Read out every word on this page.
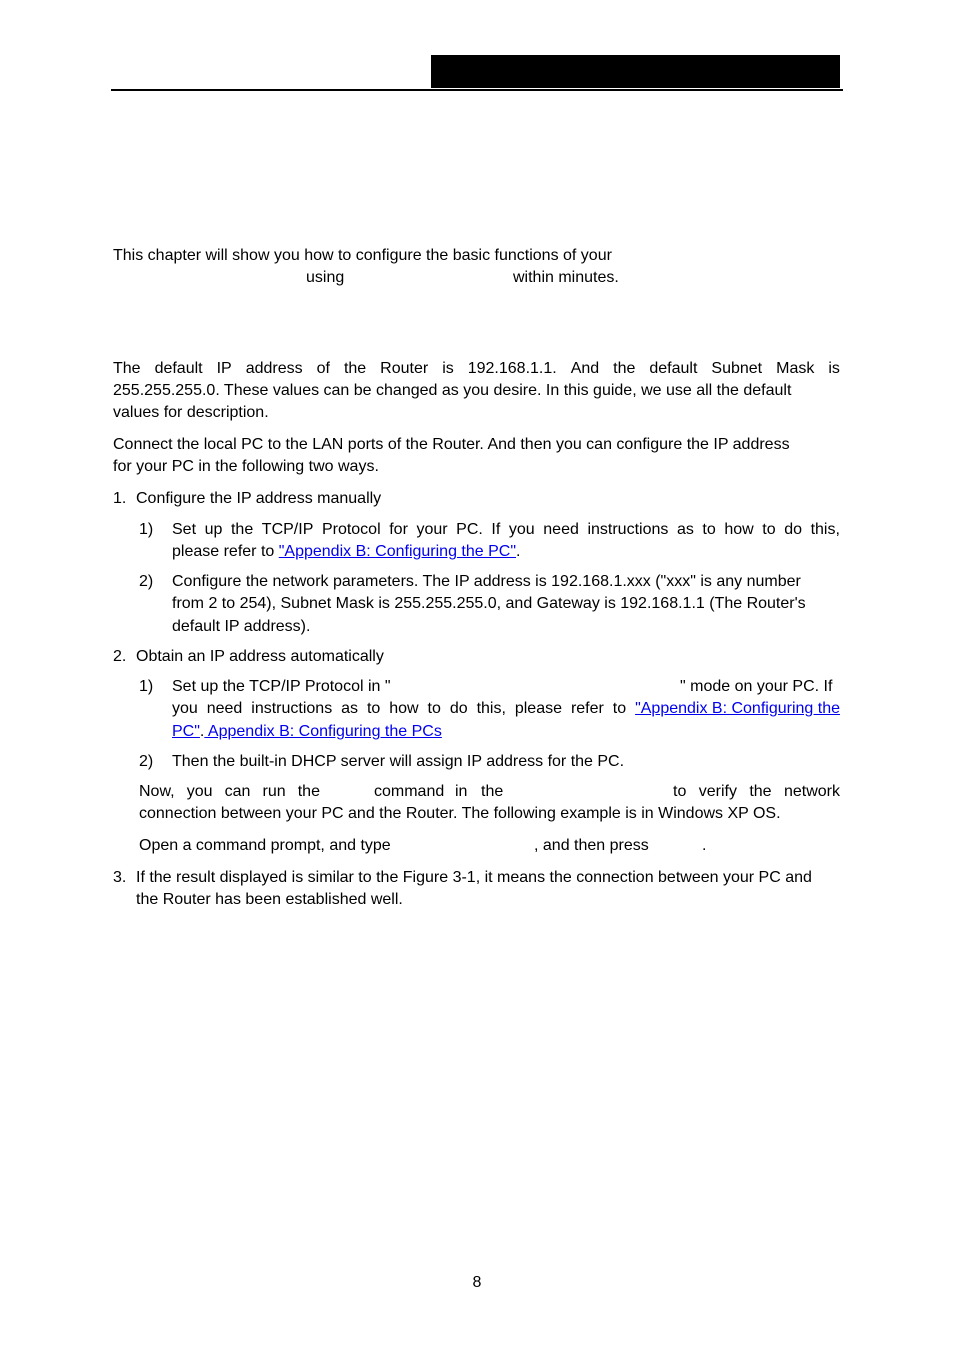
This chapter will show you how to configure the basic functions of your
using	within minutes.
The default IP address of the Router is 192.168.1.1. And the default Subnet Mask is
255.255.255.0. These values can be changed as you desire. In this guide, we use all the default
values for description.
Connect the local PC to the LAN ports of the Router. And then you can configure the IP address
for your PC in the following two ways.
1. Configure the IP address manually
1) Set up the TCP/IP Protocol for your PC. If you need instructions as to how to do this,
please refer to "Appendix B: Configuring the PC".
2) Configure the network parameters. The IP address is 192.168.1.xxx ("xxx" is any number
from 2 to 254), Subnet Mask is 255.255.255.0, and Gateway is 192.168.1.1 (The Router's
default IP address).
2. Obtain an IP address automatically
1) Set up the TCP/IP Protocol in "	" mode on your PC. If
you need instructions as to how to do this, please refer to "Appendix B: Configuring the
PC". Appendix B: Configuring the PCs
2) Then the built-in DHCP server will assign IP address for the PC.
Now, you can run the	command in the	to verify the network
connection between your PC and the Router. The following example is in Windows XP OS.
Open a command prompt, and type	, and then press	.
3. If the result displayed is similar to the Figure 3-1, it means the connection between your PC and
the Router has been established well.
8
